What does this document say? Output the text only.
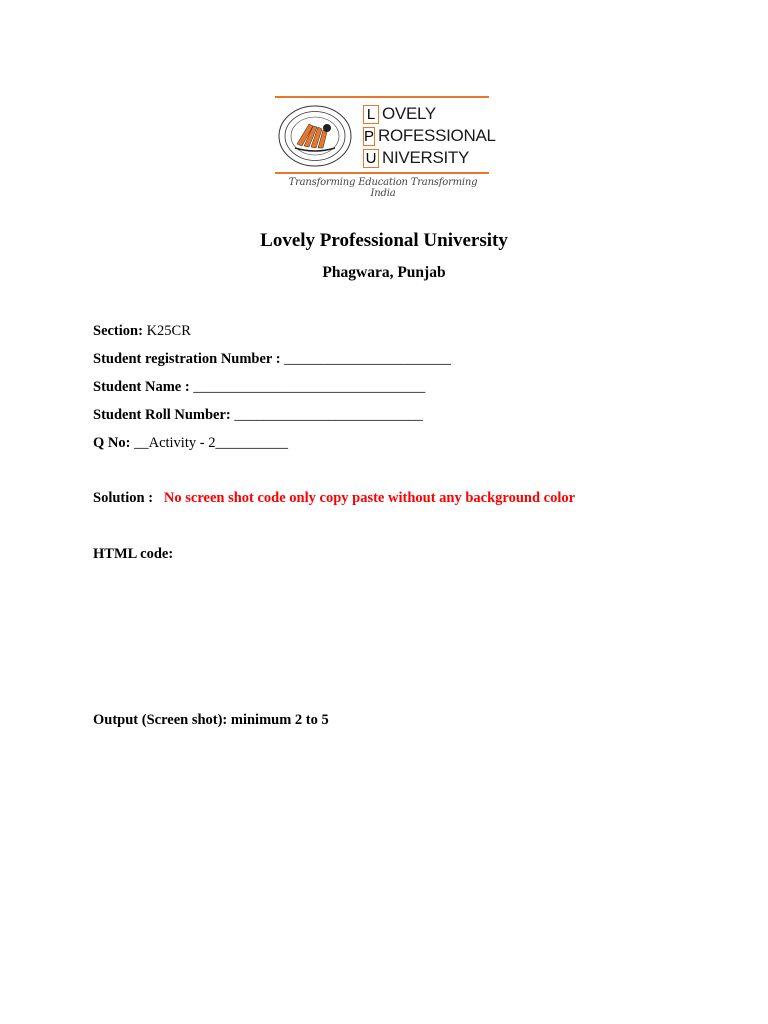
L OVELY
P ROFESSIONAL
U NIVERSITY
Transforming Education Transforming India
Lovely Professional University
Phagwara, Punjab
Section: K25CR
Student registration Number : _______________________
Student Name : ________________________________
Student Roll Number: __________________________
Q No: __Activity - 2__________
Solution : No screen shot code only copy paste without any background color
HTML code:
Output (Screen shot): minimum 2 to 5
